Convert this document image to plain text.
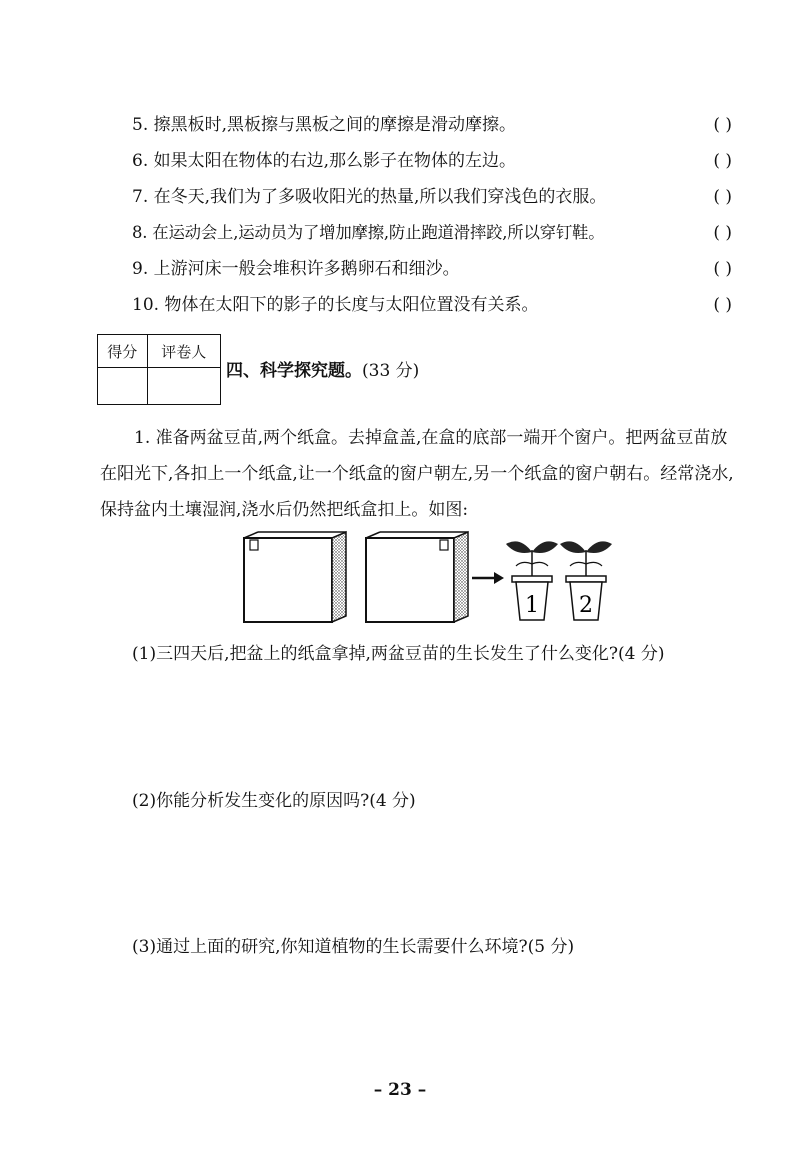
5. 擦黑板时,黑板擦与黑板之间的摩擦是滑动摩擦。	( )
6. 如果太阳在物体的右边,那么影子在物体的左边。	( )
7. 在冬天,我们为了多吸收阳光的热量,所以我们穿浅色的衣服。	( )
8. 在运动会上,运动员为了增加摩擦,防止跑道滑摔跤,所以穿钉鞋。	( )
9. 上游河床一般会堆积许多鹅卵石和细沙。	( )
10. 物体在太阳下的影子的长度与太阳位置没有关系。	( )
得分	评卷人

四、科学探究题。(33 分)
1. 准备两盆豆苗,两个纸盒。去掉盒盖,在盒的底部一端开个窗户。把两盆豆苗放在阳光下,各扣上一个纸盒,让一个纸盒的窗户朝左,另一个纸盒的窗户朝右。经常浇水,保持盆内土壤湿润,浇水后仍然把纸盒扣上。如图:
1 2
(1)三四天后,把盆上的纸盒拿掉,两盆豆苗的生长发生了什么变化?(4 分)
(2)你能分析发生变化的原因吗?(4 分)
(3)通过上面的研究,你知道植物的生长需要什么环境?(5 分)
– 23 –
